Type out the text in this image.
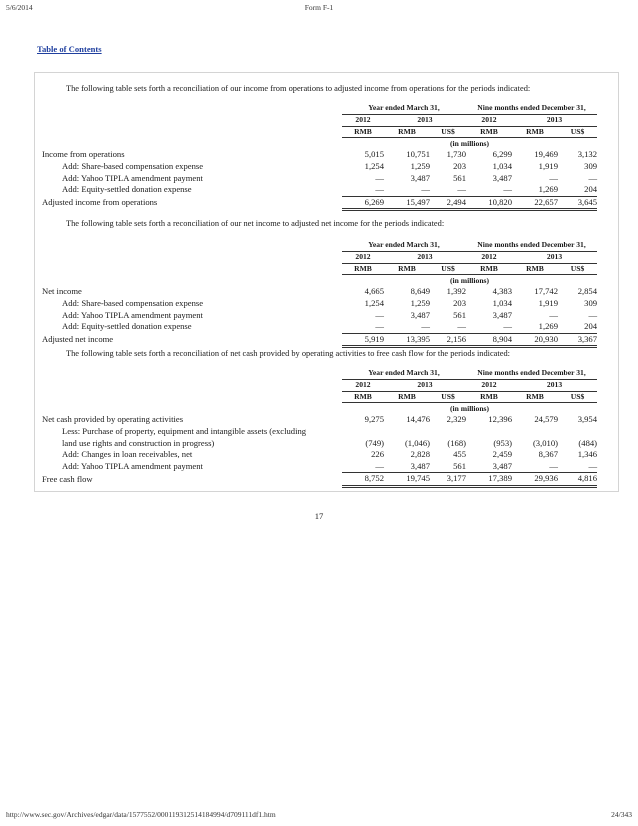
5/6/2014	Form F-1
Table of Contents
The following table sets forth a reconciliation of our income from operations to adjusted income from operations for the periods indicated:
	Year ended March 31,			Nine months ended December 31,		
	2012	2013		2012	2013	
	RMB	RMB	US$	RMB	RMB	US$
	(in millions)					
Income from operations	5,015	10,751	1,730	6,299	19,469	3,132
Add: Share-based compensation expense	1,254	1,259	203	1,034	1,919	309
Add: Yahoo TIPLA amendment payment	—	3,487	561	3,487	—	—
Add: Equity-settled donation expense	—	—	—	—	1,269	204
Adjusted income from operations	6,269	15,497	2,494	10,820	22,657	3,645
The following table sets forth a reconciliation of our net income to adjusted net income for the periods indicated:
	Year ended March 31,			Nine months ended December 31,		
	2012	2013		2012	2013	
	RMB	RMB	US$	RMB	RMB	US$
	(in millions)					
Net income	4,665	8,649	1,392	4,383	17,742	2,854
Add: Share-based compensation expense	1,254	1,259	203	1,034	1,919	309
Add: Yahoo TIPLA amendment payment	—	3,487	561	3,487	—	—
Add: Equity-settled donation expense	—	—	—	—	1,269	204
Adjusted net income	5,919	13,395	2,156	8,904	20,930	3,367
The following table sets forth a reconciliation of net cash provided by operating activities to free cash flow for the periods indicated:
	Year ended March 31,			Nine months ended December 31,		
	2012	2013		2012	2013	
	RMB	RMB	US$	RMB	RMB	US$
	(in millions)					
Net cash provided by operating activities	9,275	14,476	2,329	12,396	24,579	3,954
Less: Purchase of property, equipment and intangible assets (excluding						
land use rights and construction in progress)	(749)	(1,046)	(168)	(953)	(3,010)	(484)
Add: Changes in loan receivables, net	226	2,828	455	2,459	8,367	1,346
Add: Yahoo TIPLA amendment payment	—	3,487	561	3,487	—	—
Free cash flow	8,752	19,745	3,177	17,389	29,936	4,816
17
http://www.sec.gov/Archives/edgar/data/1577552/000119312514184994/d709111df1.htm	24/343
